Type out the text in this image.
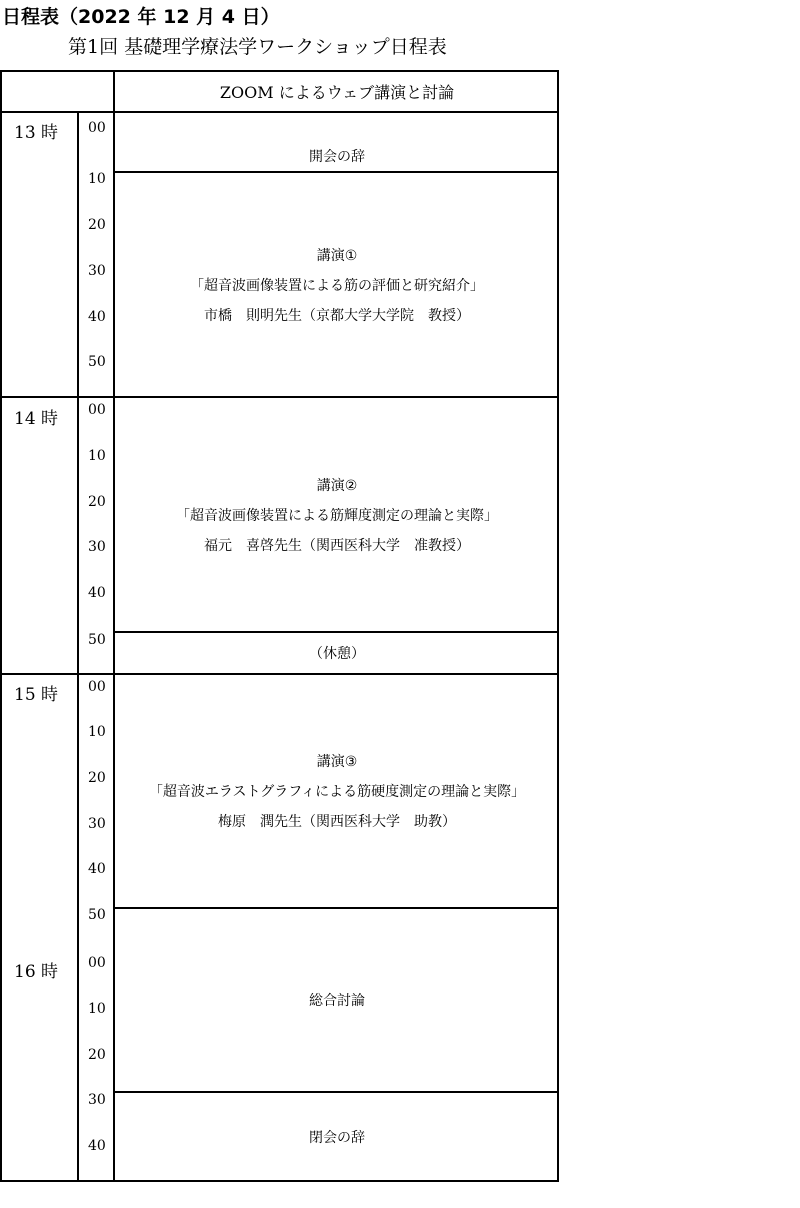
日程表（2022 年 12 月 4 日）
第1回 基礎理学療法学ワークショップ日程表
ZOOM によるウェブ講演と討論
13 時
14 時
15 時
16 時
00
10
20
30
40
50
00
10
20
30
40
50
00
10
20
30
40
50
00
10
20
30
40
開会の辞
講演①
「超音波画像装置による筋の評価と研究紹介」
市橋　則明先生（京都大学大学院　教授）
講演②
「超音波画像装置による筋輝度測定の理論と実際」
福元　喜啓先生（関西医科大学　准教授）
（休憩）
講演③
「超音波エラストグラフィによる筋硬度測定の理論と実際」
梅原　潤先生（関西医科大学　助教）
総合討論
閉会の辞
